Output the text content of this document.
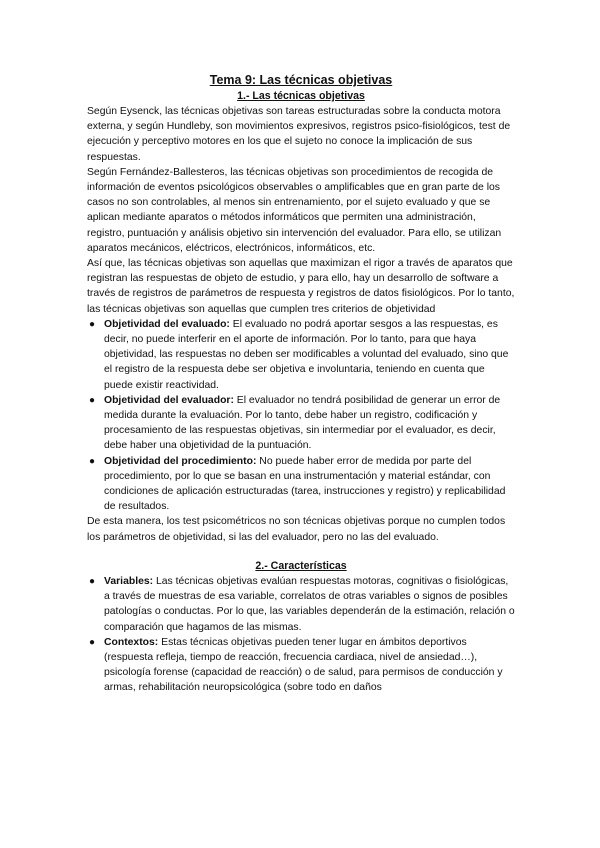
Tema 9: Las técnicas objetivas
1.- Las técnicas objetivas

Según Eysenck, las técnicas objetivas son tareas estructuradas sobre la conducta motora externa, y según Hundleby, son movimientos expresivos, registros psico-fisiológicos, test de ejecución y perceptivo motores en los que el sujeto no conoce la implicación de sus respuestas.

Según Fernández-Ballesteros, las técnicas objetivas son procedimientos de recogida de información de eventos psicológicos observables o amplificables que en gran parte de los casos no son controlables, al menos sin entrenamiento, por el sujeto evaluado y que se aplican mediante aparatos o métodos informáticos que permiten una administración, registro, puntuación y análisis objetivo sin intervención del evaluador. Para ello, se utilizan aparatos mecánicos, eléctricos, electrónicos, informáticos, etc.

Así que, las técnicas objetivas son aquellas que maximizan el rigor a través de aparatos que registran las respuestas de objeto de estudio, y para ello, hay un desarrollo de software a través de registros de parámetros de respuesta y registros de datos fisiológicos. Por lo tanto, las técnicas objetivas son aquellas que cumplen tres criterios de objetividad

● Objetividad del evaluado: El evaluado no podrá aportar sesgos a las respuestas, es decir, no puede interferir en el aporte de información. Por lo tanto, para que haya objetividad, las respuestas no deben ser modificables a voluntad del evaluado, sino que el registro de la respuesta debe ser objetiva e involuntaria, teniendo en cuenta que puede existir reactividad.
● Objetividad del evaluador: El evaluador no tendrá posibilidad de generar un error de medida durante la evaluación. Por lo tanto, debe haber un registro, codificación y procesamiento de las respuestas objetivas, sin intermediar por el evaluador, es decir, debe haber una objetividad de la puntuación.
● Objetividad del procedimiento: No puede haber error de medida por parte del procedimiento, por lo que se basan en una instrumentación y material estándar, con condiciones de aplicación estructuradas (tarea, instrucciones y registro) y replicabilidad de resultados.

De esta manera, los test psicométricos no son técnicas objetivas porque no cumplen todos los parámetros de objetividad, si las del evaluador, pero no las del evaluado.

2.- Características
● Variables: Las técnicas objetivas evalúan respuestas motoras, cognitivas o fisiológicas, a través de muestras de esa variable, correlatos de otras variables o signos de posibles patologías o conductas. Por lo que, las variables dependerán de la estimación, relación o comparación que hagamos de las mismas.
● Contextos: Estas técnicas objetivas pueden tener lugar en ámbitos deportivos (respuesta refleja, tiempo de reacción, frecuencia cardiaca, nivel de ansiedad…), psicología forense (capacidad de reacción) o de salud, para permisos de conducción y armas, rehabilitación neuropsicológica (sobre todo en daños
